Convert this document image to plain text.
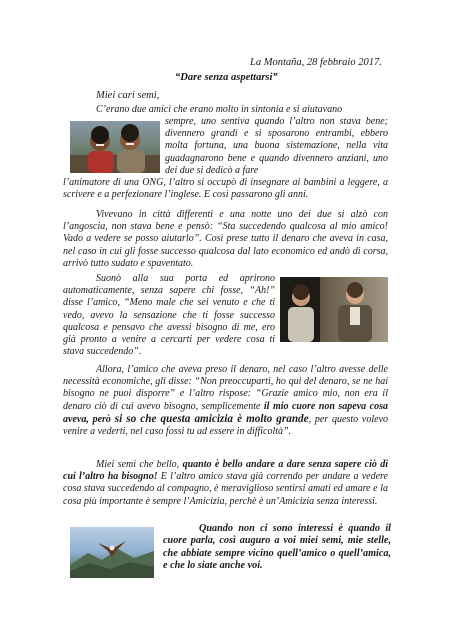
La Montaña, 28 febbraio 2017.
“Dare senza aspettarsi”
Miei cari semi,

C’erano due amici che erano molto in sintonia e si aiutavano

sempre, uno sentiva quando l’altro non stava bene; divennero grandi e si sposarono entrambi, ebbero molta fortuna, una buona sistemazione, nella vita guadagnarono bene e quando divennero anziani, uno dei due si dedicò a fare

l’animatore di una ONG, l’altro si occupò di insegnare ai bambini a leggere, a scrivere e a perfezionare l’inglese. E così passarono gli anni.

Vivevano in città differenti e una notte uno dei due si alzò con l’angoscia, non stava bene e pensò: “Sta succedendo qualcosa al mio amico! Vado a vedere se posso aiutarlo”. Così prese tutto il denaro che aveva in casa, nel caso in cui gli fosse successo qualcosa dal lato economico ed andò di corsa, arrivò tutto sudato e spaventato.

Suonò alla sua porta ed aprirono automaticamente, senza sapere chi fosse, “Ah!” disse l’amico, “Meno male che sei venuto e che ti vedo, avevo la sensazione che ti fosse successo qualcosa e pensavo che avessi bisogno di me, ero già pronto a venire a cercarti per vedere cosa ti stava succedendo”.

Allora, l’amico che aveva preso il denaro, nel caso l’altro avesse delle necessità economiche, gli disse: “Non preoccuparti, ho qui del denaro, se ne hai bisogno ne puoi disporre” e l’altro rispose: “Grazie amico mio, non era il denaro ciò di cui avevo bisogno, semplicemente il mio cuore non sapeva cosa aveva, però si so che questa amicizia è molto grande, per questo volevo venire a vederti, nel caso fossi tu ad essere in difficoltà”.

Miei semi che bello, quanto è bello andare a dare senza sapere ciò di cui l’altro ha bisogno! E l’altro amico stava già correndo per andare a vedere cosa stava succedendo al compagno, è meraviglioso sentirsi amati ed amare e la cosa più importante è sempre l’Amicizia, perchè è un’Amicizia senza interessi.

Quando non ci sono interessi è quando il cuore parla, così auguro a voi miei semi, mie stelle, che abbiate sempre vicino quell’amico o quell’amica, e che lo siate anche voi.
